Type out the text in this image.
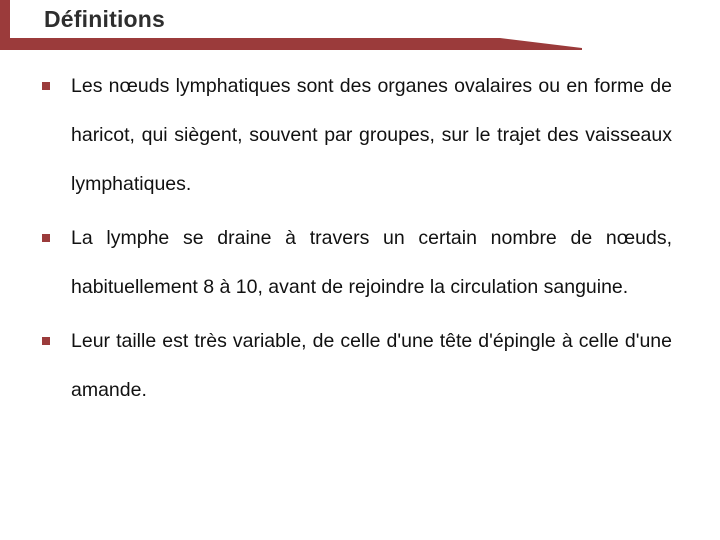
Définitions
Les nœuds lymphatiques sont des organes ovalaires ou en forme de haricot, qui siègent, souvent par groupes, sur le trajet des vaisseaux lymphatiques.
La lymphe se draine à travers un certain nombre de nœuds, habituellement 8 à 10, avant de rejoindre la circulation sanguine.
Leur taille est très variable, de celle d'une tête d'épingle à celle d'une amande.
